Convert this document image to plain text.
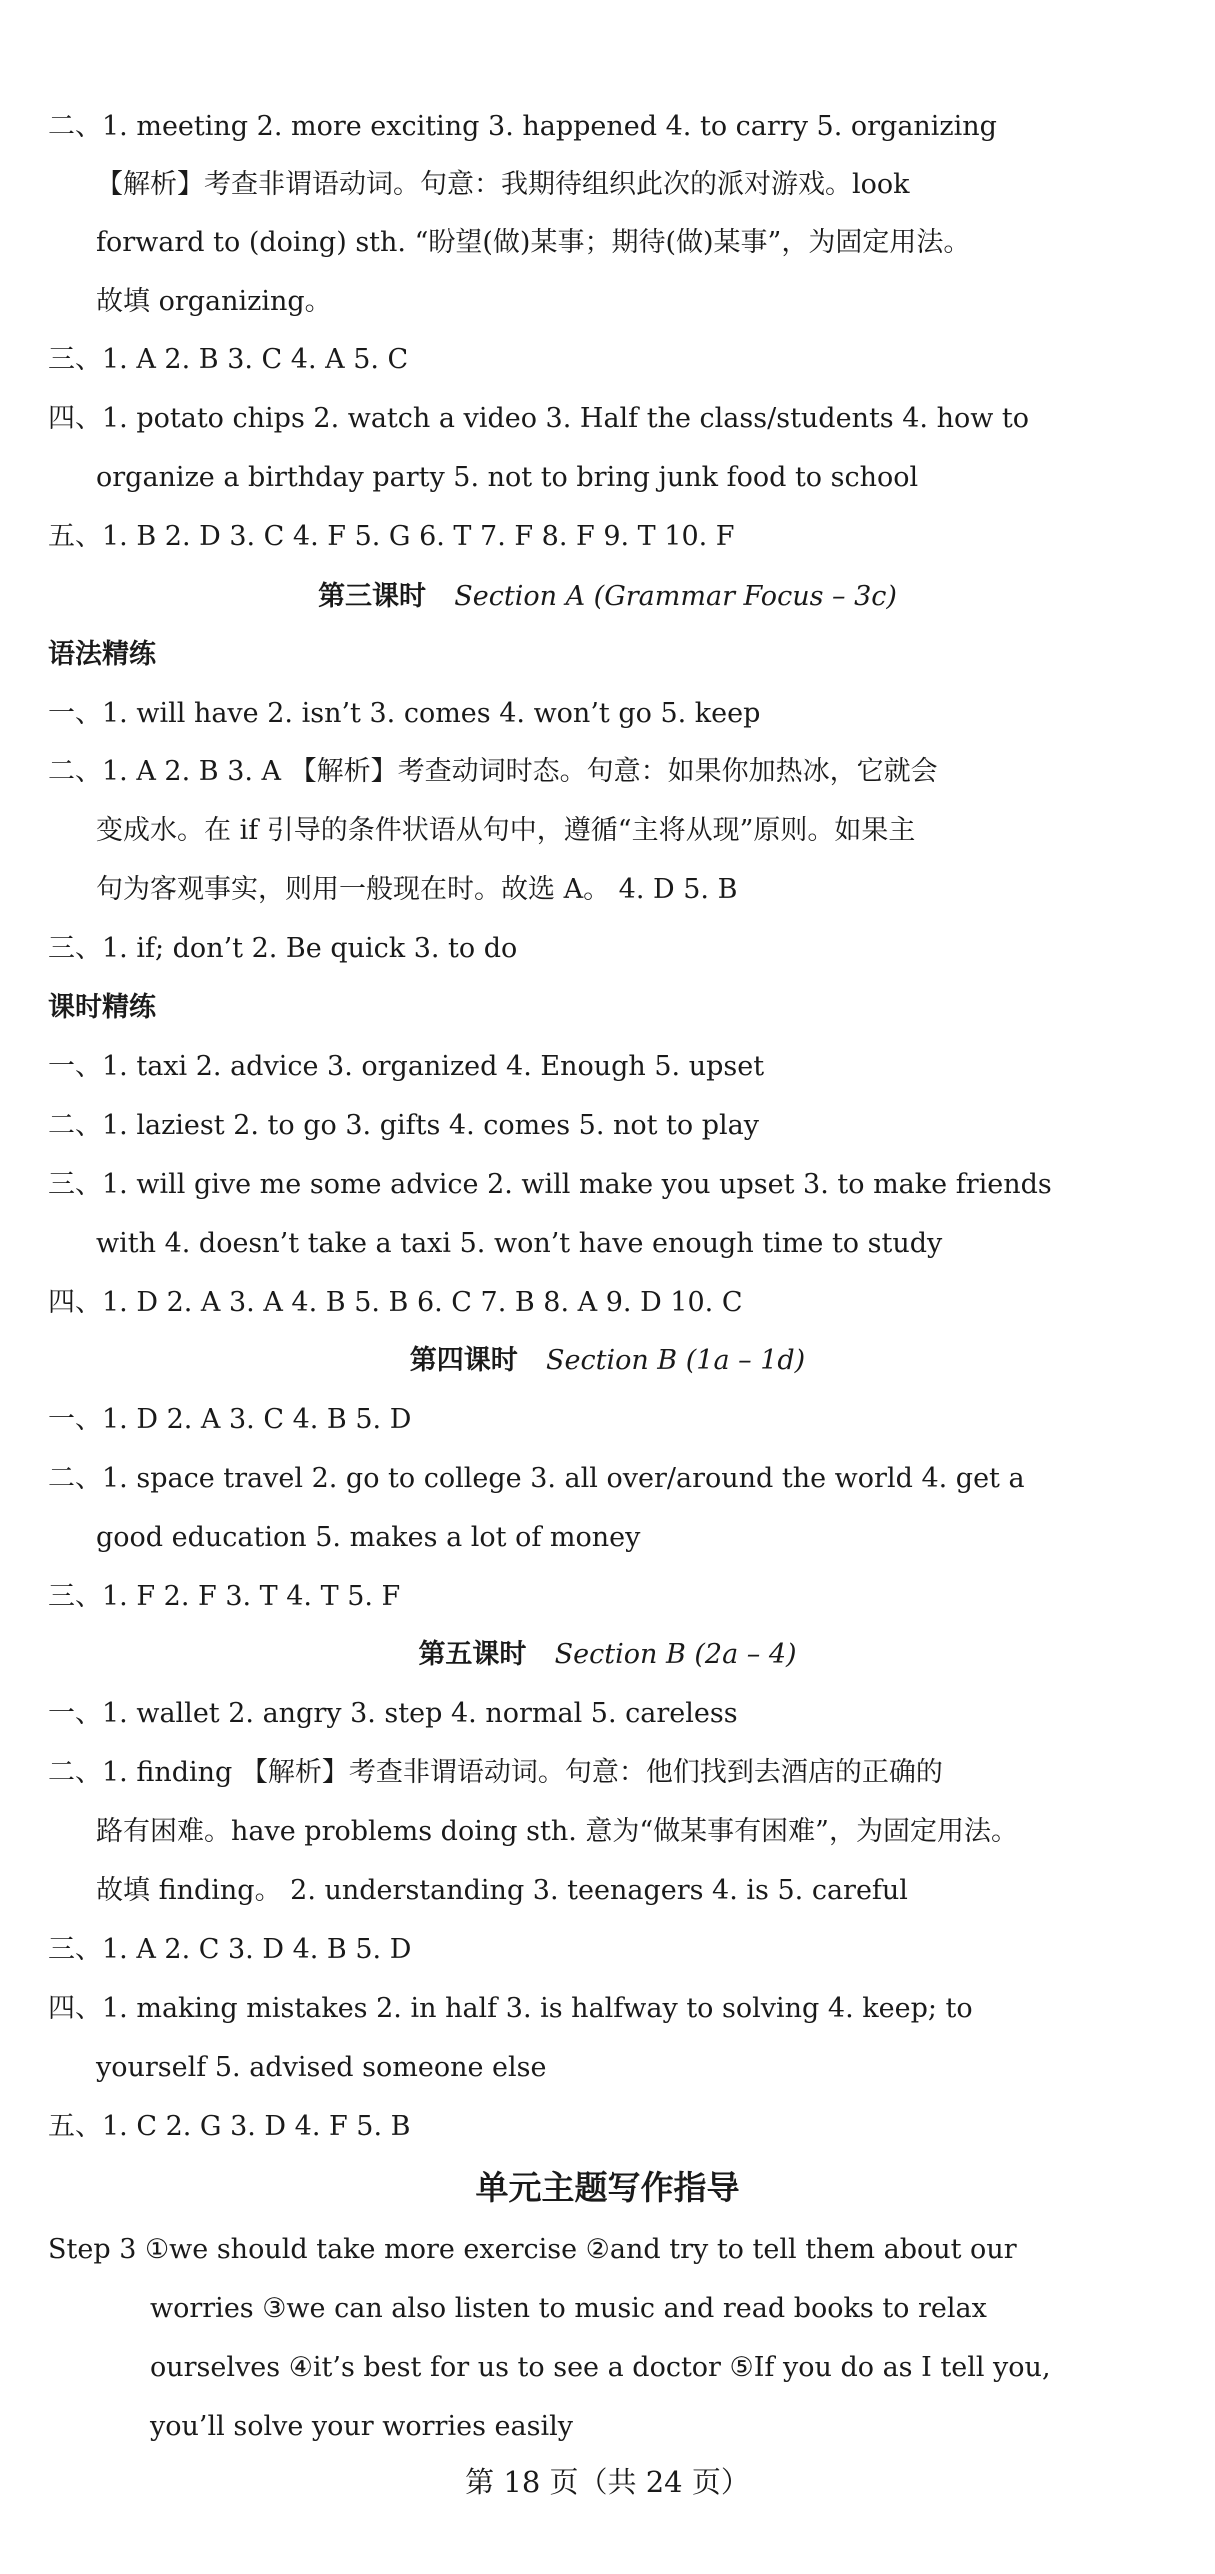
二、1. meeting 2. more exciting 3. happened 4. to carry 5. organizing
【解析】考查非谓语动词。句意：我期待组织此次的派对游戏。look
forward to (doing) sth. “盼望(做)某事；期待(做)某事”，为固定用法。
故填 organizing。
三、1. A 2. B 3. C 4. A 5. C
四、1. potato chips 2. watch a video 3. Half the class/students 4. how to
organize a birthday party 5. not to bring junk food to school
五、1. B 2. D 3. C 4. F 5. G 6. T 7. F 8. F 9. T 10. F
第三课时 Section A (Grammar Focus – 3c)
语法精练
一、1. will have 2. isn’t 3. comes 4. won’t go 5. keep
二、1. A 2. B 3. A 【解析】考查动词时态。句意：如果你加热冰，它就会
变成水。在 if 引导的条件状语从句中，遵循“主将从现”原则。如果主
句为客观事实，则用一般现在时。故选 A。 4. D 5. B
三、1. if; don’t 2. Be quick 3. to do
课时精练
一、1. taxi 2. advice 3. organized 4. Enough 5. upset
二、1. laziest 2. to go 3. gifts 4. comes 5. not to play
三、1. will give me some advice 2. will make you upset 3. to make friends
with 4. doesn’t take a taxi 5. won’t have enough time to study
四、1. D 2. A 3. A 4. B 5. B 6. C 7. B 8. A 9. D 10. C
第四课时 Section B (1a – 1d)
一、1. D 2. A 3. C 4. B 5. D
二、1. space travel 2. go to college 3. all over/around the world 4. get a
good education 5. makes a lot of money
三、1. F 2. F 3. T 4. T 5. F
第五课时 Section B (2a – 4)
一、1. wallet 2. angry 3. step 4. normal 5. careless
二、1. finding 【解析】考查非谓语动词。句意：他们找到去酒店的正确的
路有困难。have problems doing sth. 意为“做某事有困难”，为固定用法。
故填 finding。 2. understanding 3. teenagers 4. is 5. careful
三、1. A 2. C 3. D 4. B 5. D
四、1. making mistakes 2. in half 3. is halfway to solving 4. keep; to
yourself 5. advised someone else
五、1. C 2. G 3. D 4. F 5. B
单元主题写作指导
Step 3 ①we should take more exercise ②and try to tell them about our
worries ③we can also listen to music and read books to relax
ourselves ④it’s best for us to see a doctor ⑤If you do as I tell you,
you’ll solve your worries easily
第 18 页（共 24 页）
